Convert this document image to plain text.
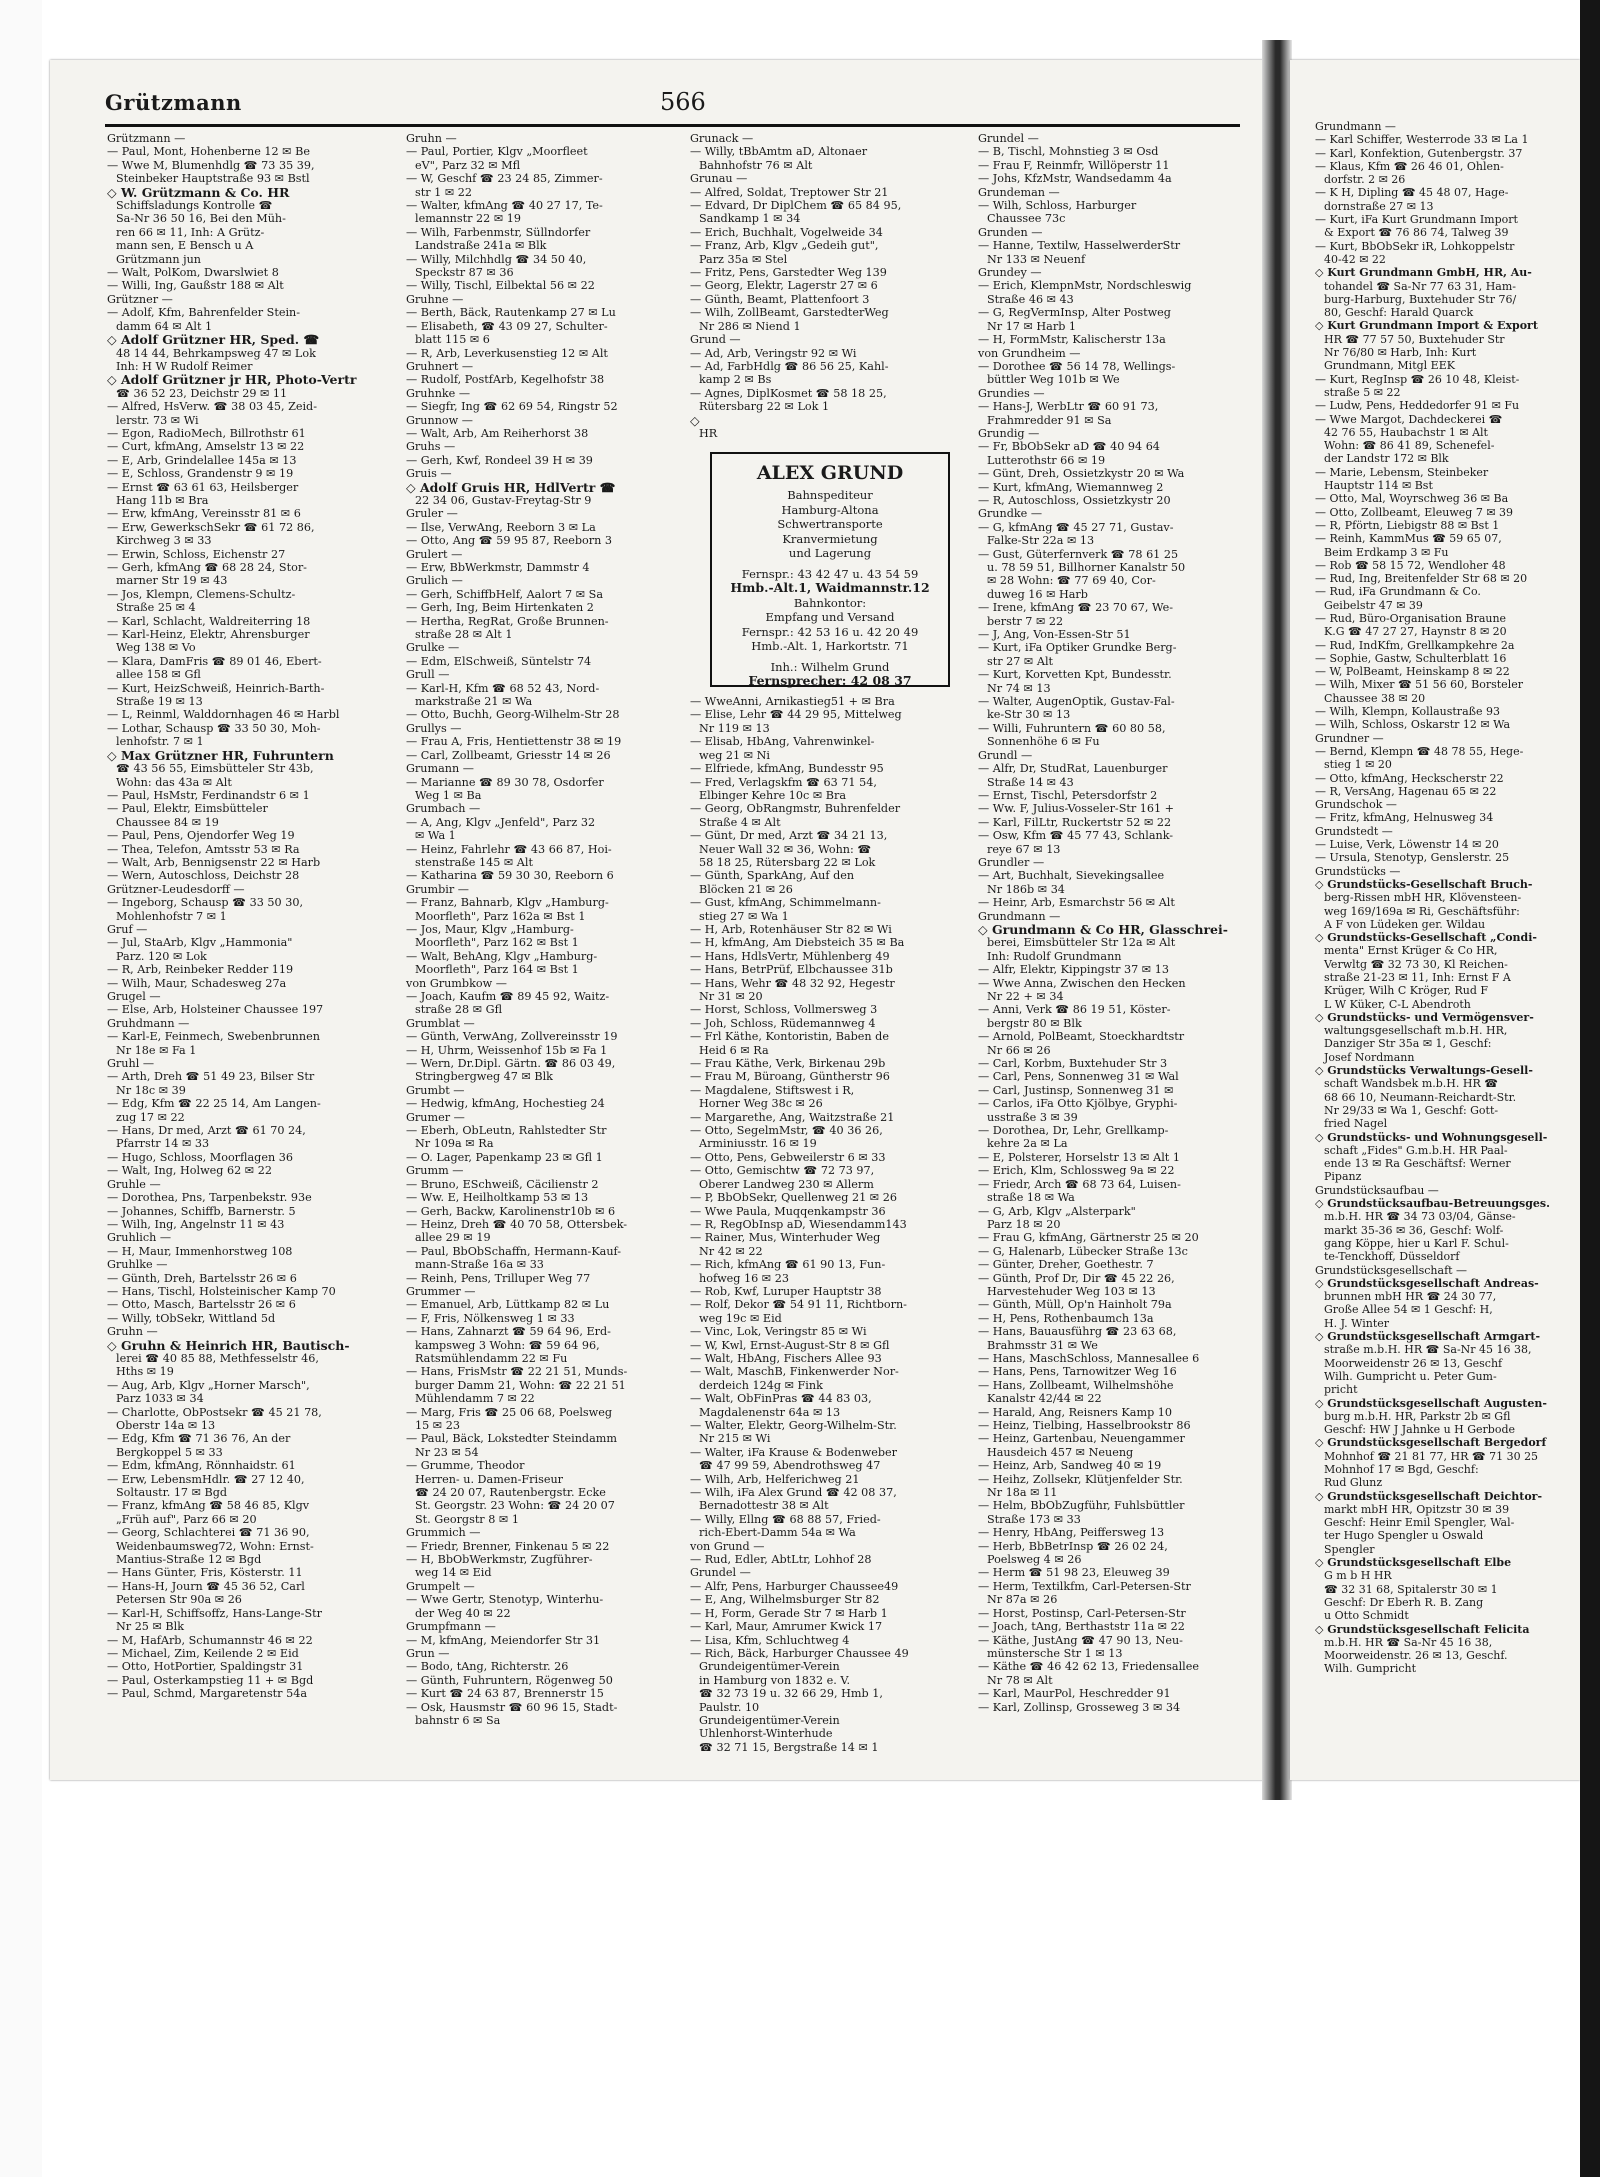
Grützmann	566

Grützmann —

— Paul, Mont, Hohenberne 12 ✉ Be

— Wwe M, Blumenhdlg ☎ 73 35 39,

Steinbeker Hauptstraße 93 ✉ Bstl

◇ W. Grützmann & Co. HR

Schiffsladungs Kontrolle ☎

Sa-Nr 36 50 16, Bei den Müh-

ren 66 ✉ 11, Inh: A Grütz-

mann sen, E Bensch u A

Grützmann jun

— Walt, PolKom, Dwarslwiet 8

— Willi, Ing, Gaußstr 188 ✉ Alt

Grützner —

— Adolf, Kfm, Bahrenfelder Stein-

damm 64 ✉ Alt 1

◇ Adolf Grützner HR, Sped. ☎

48 14 44, Behrkampsweg 47 ✉ Lok

Inh: H W Rudolf Reimer

◇ Adolf Grützner jr HR, Photo-Vertr

☎ 36 52 23, Deichstr 29 ✉ 11

— Alfred, HsVerw. ☎ 38 03 45, Zeid-

lerstr. 73 ✉ Wi

— Egon, RadioMech, Billrothstr 61

— Curt, kfmAng, Amselstr 13 ✉ 22

— E, Arb, Grindelallee 145a ✉ 13

— E, Schloss, Grandenstr 9 ✉ 19

— Ernst ☎ 63 61 63, Heilsberger

Hang 11b ✉ Bra

— Erw, kfmAng, Vereinsstr 81 ✉ 6

— Erw, GewerkschSekr ☎ 61 72 86,

Kirchweg 3 ✉ 33

— Erwin, Schloss, Eichenstr 27

— Gerh, kfmAng ☎ 68 28 24, Stor-

marner Str 19 ✉ 43

— Jos, Klempn, Clemens-Schultz-

Straße 25 ✉ 4

— Karl, Schlacht, Waldreiterring 18

— Karl-Heinz, Elektr, Ahrensburger

Weg 138 ✉ Vo

— Klara, DamFris ☎ 89 01 46, Ebert-

allee 158 ✉ Gfl

— Kurt, HeizSchweiß, Heinrich-Barth-

Straße 19 ✉ 13

— L, Reinml, Walddornhagen 46 ✉ Harbl

— Lothar, Schausp ☎ 33 50 30, Moh-

lenhofstr. 7 ✉ 1

◇ Max Grützner HR, Fuhruntern

☎ 43 56 55, Eimsbütteler Str 43b,

Wohn: das 43a ✉ Alt

— Paul, HsMstr, Ferdinandstr 6 ✉ 1

— Paul, Elektr, Eimsbütteler

Chaussee 84 ✉ 19

— Paul, Pens, Ojendorfer Weg 19

— Thea, Telefon, Amtsstr 53 ✉ Ra

— Walt, Arb, Bennigsenstr 22 ✉ Harb

— Wern, Autoschloss, Deichstr 28

Grützner-Leudesdorff —

— Ingeborg, Schausp ☎ 33 50 30,

Mohlenhofstr 7 ✉ 1

Gruf —

— Jul, StaArb, Klgv „Hammonia"

Parz. 120 ✉ Lok

— R, Arb, Reinbeker Redder 119

— Wilh, Maur, Schadesweg 27a

Grugel —

— Else, Arb, Holsteiner Chaussee 197

Gruhdmann —

— Karl-E, Feinmech, Swebenbrunnen

Nr 18e ✉ Fa 1

Gruhl —

— Arth, Dreh ☎ 51 49 23, Bilser Str

Nr 18c ✉ 39

— Edg, Kfm ☎ 22 25 14, Am Langen-

zug 17 ✉ 22

— Hans, Dr med, Arzt ☎ 61 70 24,

Pfarrstr 14 ✉ 33

— Hugo, Schloss, Moorflagen 36

— Walt, Ing, Holweg 62 ✉ 22

Gruhle —

— Dorothea, Pns, Tarpenbekstr. 93e

— Johannes, Schiffb, Barnerstr. 5

— Wilh, Ing, Angelnstr 11 ✉ 43

Gruhlich —

— H, Maur, Immenhorstweg 108

Gruhlke —

— Günth, Dreh, Bartelsstr 26 ✉ 6

— Hans, Tischl, Holsteinischer Kamp 70

— Otto, Masch, Bartelsstr 26 ✉ 6

— Willy, tObSekr, Wittland 5d

Gruhn —

◇ Gruhn & Heinrich HR, Bautisch-

lerei ☎ 40 85 88, Methfesselstr 46,

Hths ✉ 19

— Aug, Arb, Klgv „Horner Marsch",

Parz 1033 ✉ 34

— Charlotte, ObPostsekr ☎ 45 21 78,

Oberstr 14a ✉ 13

— Edg, Kfm ☎ 71 36 76, An der

Bergkoppel 5 ✉ 33

— Edm, kfmAng, Rönnhaidstr. 61

— Erw, LebensmHdlr. ☎ 27 12 40,

Soltaustr. 17 ✉ Bgd

— Franz, kfmAng ☎ 58 46 85, Klgv

„Früh auf", Parz 66 ✉ 20

— Georg, Schlachterei ☎ 71 36 90,

Weidenbaumsweg72, Wohn: Ernst-

Mantius-Straße 12 ✉ Bgd

— Hans Günter, Fris, Kösterstr. 11

— Hans-H, Journ ☎ 45 36 52, Carl

Petersen Str 90a ✉ 26

— Karl-H, Schiffsoffz, Hans-Lange-Str

Nr 25 ✉ Blk

— M, HafArb, Schumannstr 46 ✉ 22

— Michael, Zim, Keilende 2 ✉ Eid

— Otto, HotPortier, Spaldingstr 31

— Paul, Osterkampstieg 11 + ✉ Bgd

— Paul, Schmd, Margaretenstr 54a

Gruhn —

— Paul, Portier, Klgv „Moorfleet

eV", Parz 32 ✉ Mfl

— W, Geschf ☎ 23 24 85, Zimmer-

str 1 ✉ 22

— Walter, kfmAng ☎ 40 27 17, Te-

lemannstr 22 ✉ 19

— Wilh, Farbenmstr, Süllndorfer

Landstraße 241a ✉ Blk

— Willy, Milchhdlg ☎ 34 50 40,

Speckstr 87 ✉ 36

— Willy, Tischl, Eilbektal 56 ✉ 22

Gruhne —

— Berth, Bäck, Rautenkamp 27 ✉ Lu

— Elisabeth, ☎ 43 09 27, Schulter-

blatt 115 ✉ 6

— R, Arb, Leverkusenstieg 12 ✉ Alt

Gruhnert —

— Rudolf, PostfArb, Kegelhofstr 38

Gruhnke —

— Siegfr, Ing ☎ 62 69 54, Ringstr 52

Grunnow —

— Walt, Arb, Am Reiherhorst 38

Gruhs —

— Gerh, Kwf, Rondeel 39 H ✉ 39

Gruis —

◇ Adolf Gruis HR, HdlVertr ☎

22 34 06, Gustav-Freytag-Str 9

Gruler —

— Ilse, VerwAng, Reeborn 3 ✉ La

— Otto, Ang ☎ 59 95 87, Reeborn 3

Grulert —

— Erw, BbWerkmstr, Dammstr 4

Grulich —

— Gerh, SchiffbHelf, Aalort 7 ✉ Sa

— Gerh, Ing, Beim Hirtenkaten 2

— Hertha, RegRat, Große Brunnen-

straße 28 ✉ Alt 1

Grulke —

— Edm, ElSchweiß, Süntelstr 74

Grull —

— Karl-H, Kfm ☎ 68 52 43, Nord-

markstraße 21 ✉ Wa

— Otto, Buchh, Georg-Wilhelm-Str 28

Grullys —

— Frau A, Fris, Hentiettenstr 38 ✉ 19

— Carl, Zollbeamt, Griesstr 14 ✉ 26

Grumann —

— Marianne ☎ 89 30 78, Osdorfer

Weg 1 ✉ Ba

Grumbach —

— A, Ang, Klgv „Jenfeld", Parz 32

✉ Wa 1

— Heinz, Fahrlehr ☎ 43 66 87, Hoi-

stenstraße 145 ✉ Alt

— Katharina ☎ 59 30 30, Reeborn 6

Grumbir —

— Franz, Bahnarb, Klgv „Hamburg-

Moorfleth", Parz 162a ✉ Bst 1

— Jos, Maur, Klgv „Hamburg-

Moorfleth", Parz 162 ✉ Bst 1

— Walt, BehAng, Klgv „Hamburg-

Moorfleth", Parz 164 ✉ Bst 1

von Grumbkow —

— Joach, Kaufm ☎ 89 45 92, Waitz-

straße 28 ✉ Gfl

Grumblat —

— Günth, VerwAng, Zollvereinsstr 19

— H, Uhrm, Weissenhof 15b ✉ Fa 1

— Wern, Dr.Dipl. Gärtn. ☎ 86 03 49,

Stringbergweg 47 ✉ Blk

Grumbt —

— Hedwig, kfmAng, Hochestieg 24

Grumer —

— Eberh, ObLeutn, Rahlstedter Str

Nr 109a ✉ Ra

— O. Lager, Papenkamp 23 ✉ Gfl 1

Grumm —

— Bruno, ESchweiß, Cäcilienstr 2

— Ww. E, Heilholtkamp 53 ✉ 13

— Gerh, Backw, Karolinenstr10b ✉ 6

— Heinz, Dreh ☎ 40 70 58, Ottersbek-

allee 29 ✉ 19

— Paul, BbObSchaffn, Hermann-Kauf-

mann-Straße 16a ✉ 33

— Reinh, Pens, Trilluper Weg 77

Grummer —

— Emanuel, Arb, Lüttkamp 82 ✉ Lu

— F, Fris, Nölkensweg 1 ✉ 33

— Hans, Zahnarzt ☎ 59 64 96, Erd-

kampsweg 3 Wohn: ☎ 59 64 96,

Ratsmühlendamm 22 ✉ Fu

— Hans, FrisMstr ☎ 22 21 51, Munds-

burger Damm 21, Wohn: ☎ 22 21 51

Mühlendamm 7 ✉ 22

— Marg, Fris ☎ 25 06 68, Poelsweg

15 ✉ 23

— Paul, Bäck, Lokstedter Steindamm

Nr 23 ✉ 54

— Grumme, Theodor

Herren- u. Damen-Friseur

☎ 24 20 07, Rautenbergstr. Ecke

St. Georgstr. 23 Wohn: ☎ 24 20 07

St. Georgstr 8 ✉ 1

Grummich —

— Friedr, Brenner, Finkenau 5 ✉ 22

— H, BbObWerkmstr, Zugführer-

weg 14 ✉ Eid

Grumpelt —

— Wwe Gertr, Stenotyp, Winterhu-

der Weg 40 ✉ 22

Grumpfmann —

— M, kfmAng, Meiendorfer Str 31

Grun —

— Bodo, tAng, Richterstr. 26

— Günth, Fuhruntern, Rögenweg 50

— Kurt ☎ 24 63 87, Brennerstr 15

— Osk, Hausmstr ☎ 60 96 15, Stadt-

bahnstr 6 ✉ Sa

Grunack —

— Willy, tBbAmtm aD, Altonaer

Bahnhofstr 76 ✉ Alt

Grunau —

— Alfred, Soldat, Treptower Str 21

— Edvard, Dr DiplChem ☎ 65 84 95,

Sandkamp 1 ✉ 34

— Erich, Buchhalt, Vogelweide 34

— Franz, Arb, Klgv „Gedeih gut",

Parz 35a ✉ Stel

— Fritz, Pens, Garstedter Weg 139

— Georg, Elektr, Lagerstr 27 ✉ 6

— Günth, Beamt, Plattenfoort 3

— Wilh, ZollBeamt, GarstedterWeg

Nr 286 ✉ Niend 1

Grund —

— Ad, Arb, Veringstr 92 ✉ Wi

— Ad, FarbHdlg ☎ 86 56 25, Kahl-

kamp 2 ✉ Bs

— Agnes, DiplKosmet ☎ 58 18 25,

Rütersbarg 22 ✉ Lok 1

◇

HR

— WweAnni, Arnikastieg51 + ✉ Bra

— Elise, Lehr ☎ 44 29 95, Mittelweg

Nr 119 ✉ 13

— Elisab, HbAng, Vahrenwinkel-

weg 21 ✉ Ni

— Elfriede, kfmAng, Bundesstr 95

— Fred, Verlagskfm ☎ 63 71 54,

Elbinger Kehre 10c ✉ Bra

— Georg, ObRangmstr, Buhrenfelder

Straße 4 ✉ Alt

— Günt, Dr med, Arzt ☎ 34 21 13,

Neuer Wall 32 ✉ 36, Wohn: ☎

58 18 25, Rütersbarg 22 ✉ Lok

— Günth, SparkAng, Auf den

Blöcken 21 ✉ 26

— Gust, kfmAng, Schimmelmann-

stieg 27 ✉ Wa 1

— H, Arb, Rotenhäuser Str 82 ✉ Wi

— H, kfmAng, Am Diebsteich 35 ✉ Ba

— Hans, HdlsVertr, Mühlenberg 49

— Hans, BetrPrüf, Elbchaussee 31b

— Hans, Wehr ☎ 48 32 92, Hegestr

Nr 31 ✉ 20

— Horst, Schloss, Vollmersweg 3

— Joh, Schloss, Rüdemannweg 4

— Frl Käthe, Kontoristin, Baben de

Heid 6 ✉ Ra

— Frau Käthe, Verk, Birkenau 29b

— Frau M, Büroang, Güntherstr 96

— Magdalene, Stiftswest i R,

Horner Weg 38c ✉ 26

— Margarethe, Ang, Waitzstraße 21

— Otto, SegelmMstr, ☎ 40 36 26,

Arminiusstr. 16 ✉ 19

— Otto, Pens, Gebweilerstr 6 ✉ 33

— Otto, Gemischtw ☎ 72 73 97,

Oberer Landweg 230 ✉ Allerm

— P, BbObSekr, Quellenweg 21 ✉ 26

— Wwe Paula, Muqqenkampstr 36

— R, RegObInsp aD, Wiesendamm143

— Rainer, Mus, Winterhuder Weg

Nr 42 ✉ 22

— Rich, kfmAng ☎ 61 90 13, Fun-

hofweg 16 ✉ 23

— Rob, Kwf, Luruper Hauptstr 38

— Rolf, Dekor ☎ 54 91 11, Richtborn-

weg 19c ✉ Eid

— Vinc, Lok, Veringstr 85 ✉ Wi

— W, Kwl, Ernst-August-Str 8 ✉ Gfl

— Walt, HbAng, Fischers Allee 93

— Walt, MaschB, Finkenwerder Nor-

derdeich 124g ✉ Fink

— Walt, ObFinPras ☎ 44 83 03,

Magdalenenstr 64a ✉ 13

— Walter, Elektr, Georg-Wilhelm-Str.

Nr 215 ✉ Wi

— Walter, iFa Krause & Bodenweber

☎ 47 99 59, Abendrothsweg 47

— Wilh, Arb, Helferichweg 21

— Wilh, iFa Alex Grund ☎ 42 08 37,

Bernadottestr 38 ✉ Alt

— Willy, Ellng ☎ 68 88 57, Fried-

rich-Ebert-Damm 54a ✉ Wa

von Grund —

— Rud, Edler, AbtLtr, Lohhof 28

Grundel —

— Alfr, Pens, Harburger Chaussee49

— E, Ang, Wilhelmsburger Str 82

— H, Form, Gerade Str 7 ✉ Harb 1

— Karl, Maur, Amrumer Kwick 17

— Lisa, Kfm, Schluchtweg 4

— Rich, Bäck, Harburger Chaussee 49

Grundeigentümer-Verein

in Hamburg von 1832 e. V.

☎ 32 73 19 u. 32 66 29, Hmb 1,

Paulstr. 10

Grundeigentümer-Verein

Uhlenhorst-Winterhude

☎ 32 71 15, Bergstraße 14 ✉ 1

Grundel —

— B, Tischl, Mohnstieg 3 ✉ Osd

— Frau F, Reinmfr, Willöperstr 11

— Johs, KfzMstr, Wandsedamm 4a

Grundeman —

— Wilh, Schloss, Harburger

Chaussee 73c

Grunden —

— Hanne, Textilw, HasselwerderStr

Nr 133 ✉ Neuenf

Grundey —

— Erich, KlempnMstr, Nordschleswig

Straße 46 ✉ 43

— G, RegVermInsp, Alter Postweg

Nr 17 ✉ Harb 1

— H, FormMstr, Kalischerstr 13a

von Grundheim —

— Dorothee ☎ 56 14 78, Wellings-

büttler Weg 101b ✉ We

Grundies —

— Hans-J, WerbLtr ☎ 60 91 73,

Frahmredder 91 ✉ Sa

Grundig —

— Fr, BbObSekr aD ☎ 40 94 64

Lutterothstr 66 ✉ 19

— Günt, Dreh, Ossietzkystr 20 ✉ Wa

— Kurt, kfmAng, Wiemannweg 2

— R, Autoschloss, Ossietzkystr 20

Grundke —

— G, kfmAng ☎ 45 27 71, Gustav-

Falke-Str 22a ✉ 13

— Gust, Güterfernverk ☎ 78 61 25

u. 78 59 51, Billhorner Kanalstr 50

✉ 28 Wohn: ☎ 77 69 40, Cor-

duweg 16 ✉ Harb

— Irene, kfmAng ☎ 23 70 67, We-

berstr 7 ✉ 22

— J, Ang, Von-Essen-Str 51

— Kurt, iFa Optiker Grundke Berg-

str 27 ✉ Alt

— Kurt, Korvetten Kpt, Bundesstr.

Nr 74 ✉ 13

— Walter, AugenOptik, Gustav-Fal-

ke-Str 30 ✉ 13

— Willi, Fuhruntern ☎ 60 80 58,

Sonnenhöhe 6 ✉ Fu

Grundl —

— Alfr, Dr, StudRat, Lauenburger

Straße 14 ✉ 43

— Ernst, Tischl, Petersdorfstr 2

— Ww. F, Julius-Vosseler-Str 161 +

— Karl, FilLtr, Ruckertstr 52 ✉ 22

— Osw, Kfm ☎ 45 77 43, Schlank-

reye 67 ✉ 13

Grundler —

— Art, Buchhalt, Sievekingsallee

Nr 186b ✉ 34

— Heinr, Arb, Esmarchstr 56 ✉ Alt

Grundmann —

◇ Grundmann & Co HR, Glasschrei-

berei, Eimsbütteler Str 12a ✉ Alt

Inh: Rudolf Grundmann

— Alfr, Elektr, Kippingstr 37 ✉ 13

— Wwe Anna, Zwischen den Hecken

Nr 22 + ✉ 34

— Anni, Verk ☎ 86 19 51, Köster-

bergstr 80 ✉ Blk

— Arnold, PolBeamt, Stoeckhardtstr

Nr 66 ✉ 26

— Carl, Korbm, Buxtehuder Str 3

— Carl, Pens, Sonnenweg 31 ✉ Wal

— Carl, Justinsp, Sonnenweg 31 ✉

— Carlos, iFa Otto Kjölbye, Gryphi-

usstraße 3 ✉ 39

— Dorothea, Dr, Lehr, Grellkamp-

kehre 2a ✉ La

— E, Polsterer, Horselstr 13 ✉ Alt 1

— Erich, Klm, Schlossweg 9a ✉ 22

— Friedr, Arch ☎ 68 73 64, Luisen-

straße 18 ✉ Wa

— G, Arb, Klgv „Alsterpark"

Parz 18 ✉ 20

— Frau G, kfmAng, Gärtnerstr 25 ✉ 20

— G, Halenarb, Lübecker Straße 13c

— Günter, Dreher, Goethestr. 7

— Günth, Prof Dr, Dir ☎ 45 22 26,

Harvestehuder Weg 103 ✉ 13

— Günth, Müll, Op'n Hainholt 79a

— H, Pens, Rothenbaumch 13a

— Hans, Bauausführg ☎ 23 63 68,

Brahmsstr 31 ✉ We

— Hans, MaschSchloss, Mannesallee 6

— Hans, Pens, Tarnowitzer Weg 16

— Hans, Zollbeamt, Wilhelmshöhe

Kanalstr 42/44 ✉ 22

— Harald, Ang, Reisners Kamp 10

— Heinz, Tielbing, Hasselbrookstr 86

— Heinz, Gartenbau, Neuengammer

Hausdeich 457 ✉ Neueng

— Heinz, Arb, Sandweg 40 ✉ 19

— Heihz, Zollsekr, Klütjenfelder Str.

Nr 18a ✉ 11

— Helm, BbObZugführ, Fuhlsbüttler

Straße 173 ✉ 33

— Henry, HbAng, Peiffersweg 13

— Herb, BbBetrInsp ☎ 26 02 24,

Poelsweg 4 ✉ 26

— Herm ☎ 51 98 23, Eleuweg 39

— Herm, Textilkfm, Carl-Petersen-Str

Nr 87a ✉ 26

— Horst, Postinsp, Carl-Petersen-Str

— Joach, tAng, Berthaststr 11a ✉ 22

— Käthe, JustAng ☎ 47 90 13, Neu-

münstersche Str 1 ✉ 13

— Käthe ☎ 46 42 62 13, Friedensallee

Nr 78 ✉ Alt

— Karl, MaurPol, Heschredder 91

— Karl, Zollinsp, Grosseweg 3 ✉ 34

ALEX GRUND

Bahnspediteur

Hamburg-Altona

Schwertransporte

Kranvermietung

und Lagerung

Fernspr.: 43 42 47 u. 43 54 59

Hmb.-Alt.1, Waidmannstr.12

Bahnkontor:

Empfang und Versand

Fernspr.: 42 53 16 u. 42 20 49

Hmb.-Alt. 1, Harkortstr. 71

Inh.: Wilhelm Grund

Fernsprecher: 42 08 37

Grundmann —

— Karl Schiffer, Westerrode 33 ✉ La 1

— Karl, Konfektion, Gutenbergstr. 37

— Klaus, Kfm ☎ 26 46 01, Ohlen-

dorfstr. 2 ✉ 26

— K H, Dipling ☎ 45 48 07, Hage-

dornstraße 27 ✉ 13

— Kurt, iFa Kurt Grundmann Import

& Export ☎ 76 86 74, Talweg 39

— Kurt, BbObSekr iR, Lohkoppelstr

40-42 ✉ 22

◇ Kurt Grundmann GmbH, HR, Au-

tohandel ☎ Sa-Nr 77 63 31, Ham-

burg-Harburg, Buxtehuder Str 76/

80, Geschf: Harald Quarck

◇ Kurt Grundmann Import & Export

HR ☎ 77 57 50, Buxtehuder Str

Nr 76/80 ✉ Harb, Inh: Kurt

Grundmann, Mitgl EEK

— Kurt, RegInsp ☎ 26 10 48, Kleist-

straße 5 ✉ 22

— Ludw, Pens, Heddedorfer 91 ✉ Fu

— Wwe Margot, Dachdeckerei ☎

42 76 55, Haubachstr 1 ✉ Alt

Wohn: ☎ 86 41 89, Schenefel-

der Landstr 172 ✉ Blk

— Marie, Lebensm, Steinbeker

Hauptstr 114 ✉ Bst

— Otto, Mal, Woyrschweg 36 ✉ Ba

— Otto, Zollbeamt, Eleuweg 7 ✉ 39

— R, Pförtn, Liebigstr 88 ✉ Bst 1

— Reinh, KammMus ☎ 59 65 07,

Beim Erdkamp 3 ✉ Fu

— Rob ☎ 58 15 72, Wendloher 48

— Rud, Ing, Breitenfelder Str 68 ✉ 20

— Rud, iFa Grundmann & Co.

Geibelstr 47 ✉ 39

— Rud, Büro-Organisation Braune

K.G ☎ 47 27 27, Haynstr 8 ✉ 20

— Rud, IndKfm, Grellkampkehre 2a

— Sophie, Gastw, Schulterblatt 16

— W, PolBeamt, Heinskamp 8 ✉ 22

— Wilh, Mixer ☎ 51 56 60, Borsteler

Chaussee 38 ✉ 20

— Wilh, Klempn, Kollaustraße 93

— Wilh, Schloss, Oskarstr 12 ✉ Wa

Grundner —

— Bernd, Klempn ☎ 48 78 55, Hege-

stieg 1 ✉ 20

— Otto, kfmAng, Heckscherstr 22

— R, VersAng, Hagenau 65 ✉ 22

Grundschok —

— Fritz, kfmAng, Helnusweg 34

Grundstedt —

— Luise, Verk, Löwenstr 14 ✉ 20

— Ursula, Stenotyp, Genslerstr. 25

Grundstücks —

◇ Grundstücks-Gesellschaft Bruch-

berg-Rissen mbH HR, Klövensteen-

weg 169/169a ✉ Ri, Geschäftsführ:

A F von Lüdeken ger. Wildau

◇ Grundstücks-Gesellschaft „Condi-

menta" Ernst Krüger & Co HR,

Verwltg ☎ 32 73 30, Kl Reichen-

straße 21-23 ✉ 11, Inh: Ernst F A

Krüger, Wilh C Kröger, Rud F

L W Küker, C-L Abendroth

◇ Grundstücks- und Vermögensver-

waltungsgesellschaft m.b.H. HR,

Danziger Str 35a ✉ 1, Geschf:

Josef Nordmann

◇ Grundstücks Verwaltungs-Gesell-

schaft Wandsbek m.b.H. HR ☎

68 66 10, Neumann-Reichardt-Str.

Nr 29/33 ✉ Wa 1, Geschf: Gott-

fried Nagel

◇ Grundstücks- und Wohnungsgesell-

schaft „Fides" G.m.b.H. HR Paal-

ende 13 ✉ Ra Geschäftsf: Werner

Pipanz

Grundstücksaufbau —

◇ Grundstücksaufbau-Betreuungsges.

m.b.H. HR ☎ 34 73 03/04, Gänse-

markt 35-36 ✉ 36, Geschf: Wolf-

gang Köppe, hier u Karl F. Schul-

te-Tenckhoff, Düsseldorf

Grundstücksgesellschaft —

◇ Grundstücksgesellschaft Andreas-

brunnen mbH HR ☎ 24 30 77,

Große Allee 54 ✉ 1 Geschf: H,

H. J. Winter

◇ Grundstücksgesellschaft Armgart-

straße m.b.H. HR ☎ Sa-Nr 45 16 38,

Moorweidenstr 26 ✉ 13, Geschf

Wilh. Gumpricht u. Peter Gum-

pricht

◇ Grundstücksgesellschaft Augusten-

burg m.b.H. HR, Parkstr 2b ✉ Gfl

Geschf: HW J Jahnke u H Gerbode

◇ Grundstücksgesellschaft Bergedorf

Mohnhof ☎ 21 81 77, HR ☎ 71 30 25

Mohnhof 17 ✉ Bgd, Geschf:

Rud Glunz

◇ Grundstücksgesellschaft Deichtor-

markt mbH HR, Opitzstr 30 ✉ 39

Geschf: Heinr Emil Spengler, Wal-

ter Hugo Spengler u Oswald

Spengler

◇ Grundstücksgesellschaft Elbe

G m b H HR

☎ 32 31 68, Spitalerstr 30 ✉ 1

Geschf: Dr Eberh R. B. Zang

u Otto Schmidt

◇ Grundstücksgesellschaft Felicita

m.b.H. HR ☎ Sa-Nr 45 16 38,

Moorweidenstr. 26 ✉ 13, Geschf.

Wilh. Gumpricht
